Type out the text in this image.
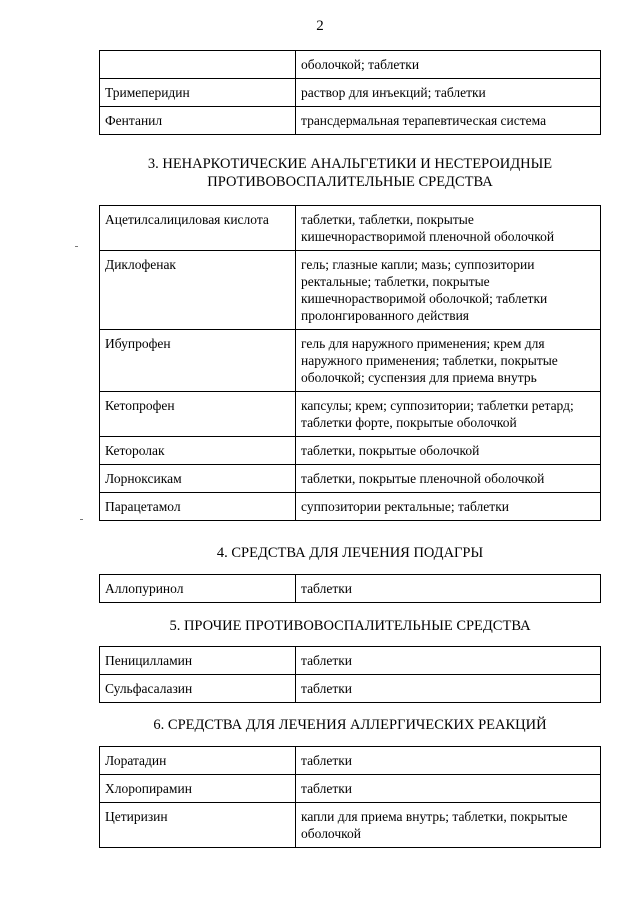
2
	оболочкой; таблетки
Тримеперидин	раствор для инъекций; таблетки
Фентанил	трансдермальная терапевтическая система
3. НЕНАРКОТИЧЕСКИЕ АНАЛЬГЕТИКИ И НЕСТЕРОИДНЫЕ
ПРОТИВОВОСПАЛИТЕЛЬНЫЕ СРЕДСТВА
Ацетилсалициловая кислота	таблетки, таблетки, покрытые кишечнорастворимой пленочной оболочкой
Диклофенак	гель; глазные капли; мазь; суппозитории ректальные; таблетки, покрытые кишечнорастворимой оболочкой; таблетки пролонгированного действия
Ибупрофен	гель для наружного применения; крем для наружного применения; таблетки, покрытые оболочкой; суспензия для приема внутрь
Кетопрофен	капсулы; крем; суппозитории; таблетки ретард; таблетки форте, покрытые оболочкой
Кеторолак	таблетки, покрытые оболочкой
Лорноксикам	таблетки, покрытые пленочной оболочкой
Парацетамол	суппозитории ректальные; таблетки
4. СРЕДСТВА ДЛЯ ЛЕЧЕНИЯ ПОДАГРЫ
Аллопуринол	таблетки
5. ПРОЧИЕ ПРОТИВОВОСПАЛИТЕЛЬНЫЕ СРЕДСТВА
Пеницилламин	таблетки
Сульфасалазин	таблетки
6. СРЕДСТВА ДЛЯ ЛЕЧЕНИЯ АЛЛЕРГИЧЕСКИХ РЕАКЦИЙ
Лоратадин	таблетки
Хлоропирамин	таблетки
Цетиризин	капли для приема внутрь; таблетки, покрытые оболочкой
